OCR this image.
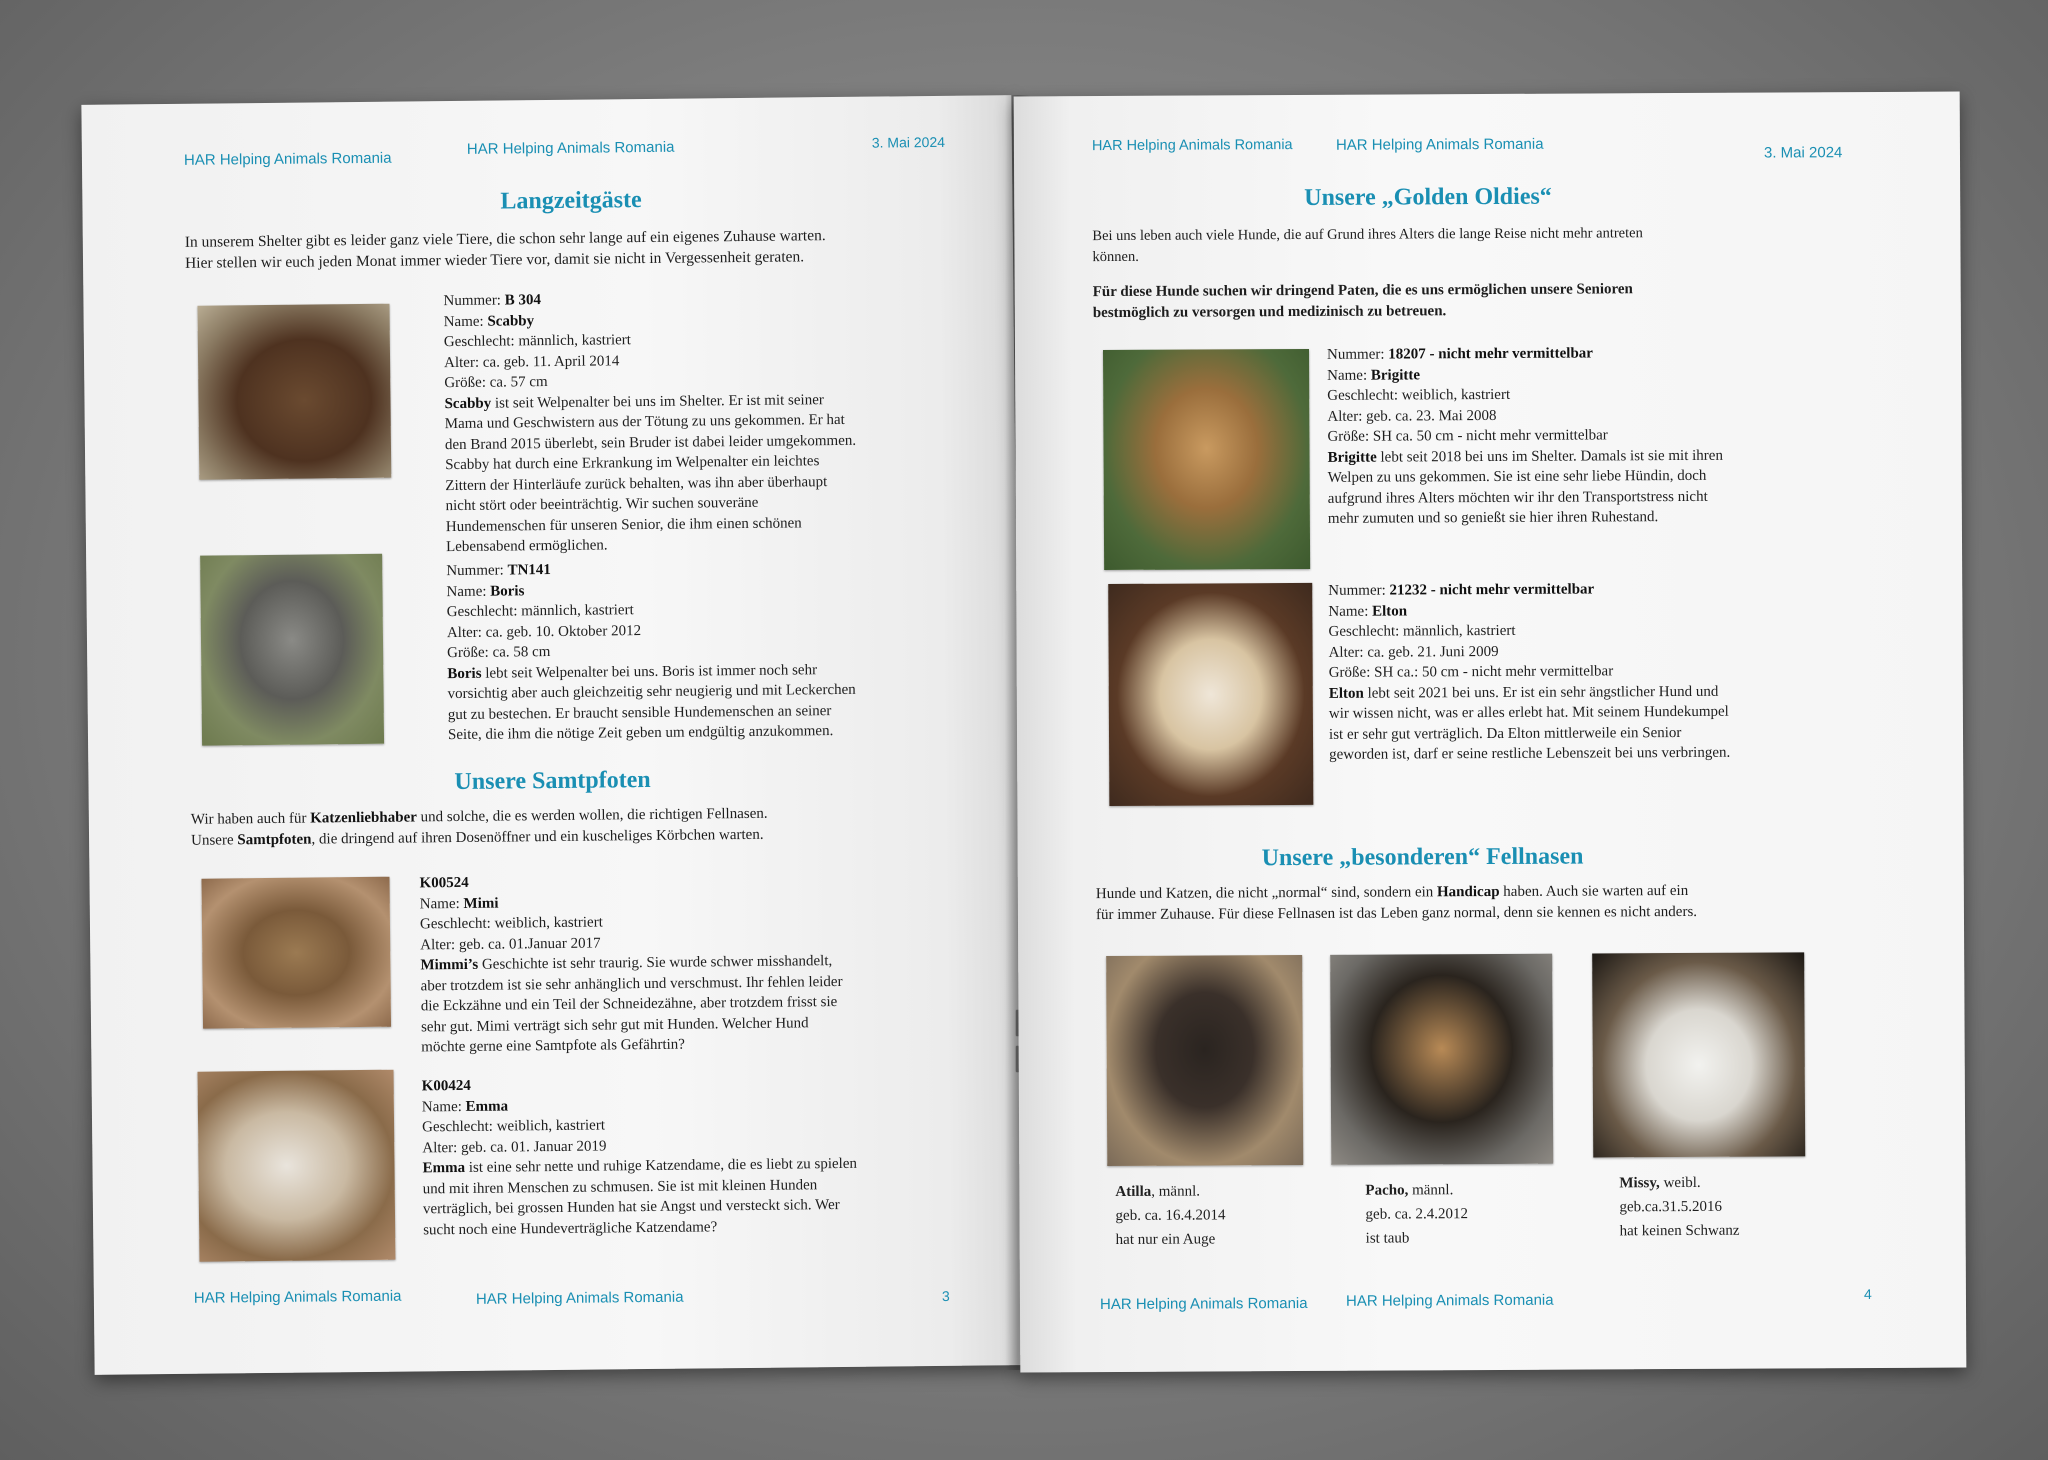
HAR Helping Animals Romania
HAR Helping Animals Romania	3. Mai 2024
Langzeitgäste
In unserem Shelter gibt es leider ganz viele Tiere, die schon sehr lange auf ein eigenes Zuhause warten.
Hier stellen wir euch jeden Monat immer wieder Tiere vor, damit sie nicht in Vergessenheit geraten.
Nummer: B 304
Name: Scabby
Geschlecht: männlich, kastriert
Alter: ca. geb. 11. April 2014
Größe: ca. 57 cm
Scabby ist seit Welpenalter bei uns im Shelter. Er ist mit seiner
Mama und Geschwistern aus der Tötung zu uns gekommen. Er hat
den Brand 2015 überlebt, sein Bruder ist dabei leider umgekommen.
Scabby hat durch eine Erkrankung im Welpenalter ein leichtes
Zittern der Hinterläufe zurück behalten, was ihn aber überhaupt
nicht stört oder beeinträchtig. Wir suchen souveräne
Hundemenschen für unseren Senior, die ihm einen schönen
Lebensabend ermöglichen.
Nummer: TN141
Name: Boris
Geschlecht: männlich, kastriert
Alter: ca. geb. 10. Oktober 2012
Größe: ca. 58 cm
Boris lebt seit Welpenalter bei uns. Boris ist immer noch sehr
vorsichtig aber auch gleichzeitig sehr neugierig und mit Leckerchen
gut zu bestechen. Er braucht sensible Hundemenschen an seiner
Seite, die ihm die nötige Zeit geben um endgültig anzukommen.
Unsere Samtpfoten
Wir haben auch für Katzenliebhaber und solche, die es werden wollen, die richtigen Fellnasen.
Unsere Samtpfoten, die dringend auf ihren Dosenöffner und ein kuscheliges Körbchen warten.
K00524
Name: Mimi
Geschlecht: weiblich, kastriert
Alter: geb. ca. 01.Januar 2017
Mimmi’s Geschichte ist sehr traurig. Sie wurde schwer misshandelt,
aber trotzdem ist sie sehr anhänglich und verschmust. Ihr fehlen leider
die Eckzähne und ein Teil der Schneidezähne, aber trotzdem frisst sie
sehr gut. Mimi verträgt sich sehr gut mit Hunden. Welcher Hund
möchte gerne eine Samtpfote als Gefährtin?
K00424
Name: Emma
Geschlecht: weiblich, kastriert
Alter: geb. ca. 01. Januar 2019
Emma ist eine sehr nette und ruhige Katzendame, die es liebt zu spielen
und mit ihren Menschen zu schmusen. Sie ist mit kleinen Hunden
verträglich, bei grossen Hunden hat sie Angst und versteckt sich. Wer
sucht noch eine Hundeverträgliche Katzendame?
HAR Helping Animals Romania	HAR Helping Animals Romania	3
HAR Helping Animals Romania	HAR Helping Animals Romania	3. Mai 2024
Unsere „Golden Oldies“
Bei uns leben auch viele Hunde, die auf Grund ihres Alters die lange Reise nicht mehr antreten
können.
Für diese Hunde suchen wir dringend Paten, die es uns ermöglichen unsere Senioren
bestmöglich zu versorgen und medizinisch zu betreuen.
Nummer: 18207 - nicht mehr vermittelbar
Name: Brigitte
Geschlecht: weiblich, kastriert
Alter: geb. ca. 23. Mai 2008
Größe: SH ca. 50 cm - nicht mehr vermittelbar
Brigitte lebt seit 2018 bei uns im Shelter. Damals ist sie mit ihren
Welpen zu uns gekommen. Sie ist eine sehr liebe Hündin, doch
aufgrund ihres Alters möchten wir ihr den Transportstress nicht
mehr zumuten und so genießt sie hier ihren Ruhestand.
Nummer: 21232 - nicht mehr vermittelbar
Name: Elton
Geschlecht: männlich, kastriert
Alter: ca. geb. 21. Juni 2009
Größe: SH ca.: 50 cm - nicht mehr vermittelbar
Elton lebt seit 2021 bei uns. Er ist ein sehr ängstlicher Hund und
wir wissen nicht, was er alles erlebt hat. Mit seinem Hundekumpel
ist er sehr gut verträglich. Da Elton mittlerweile ein Senior
geworden ist, darf er seine restliche Lebenszeit bei uns verbringen.
Unsere „besonderen“ Fellnasen
Hunde und Katzen, die nicht „normal“ sind, sondern ein Handicap haben. Auch sie warten auf ein
für immer Zuhause. Für diese Fellnasen ist das Leben ganz normal, denn sie kennen es nicht anders.
Atilla, männl.
geb. ca. 16.4.2014
hat nur ein Auge
Pacho, männl.
geb. ca. 2.4.2012
ist taub
Missy, weibl.
geb.ca.31.5.2016
hat keinen Schwanz
HAR Helping Animals Romania	HAR Helping Animals Romania	4
